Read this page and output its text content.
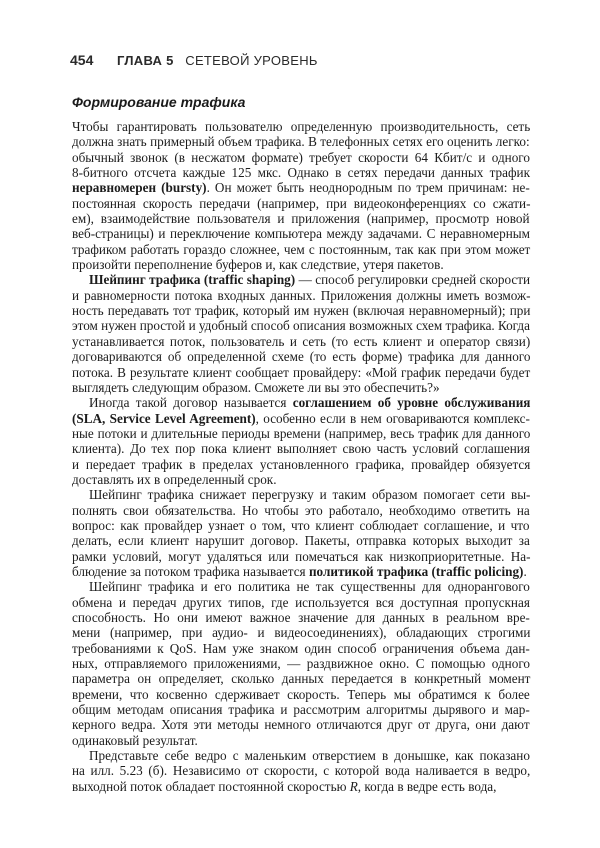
454 ГЛАВА 5 СЕТЕВОЙ УРОВЕНЬ
Формирование трафика
Чтобы гарантировать пользователю определенную производительность, сеть
должна знать примерный объем трафика. В телефонных сетях его оценить легко:
обычный звонок (в несжатом формате) требует скорости 64 Кбит/с и одного
8-битного отсчета каждые 125 мкс. Однако в сетях передачи данных трафик
неравномерен (bursty). Он может быть неоднородным по трем причинам: не-
постоянная скорость передачи (например, при видеоконференциях со сжати-
ем), взаимодействие пользователя и приложения (например, просмотр новой
веб-страницы) и переключение компьютера между задачами. С неравномерным
трафиком работать гораздо сложнее, чем с постоянным, так как при этом может
произойти переполнение буферов и, как следствие, утеря пакетов.
Шейпинг трафика (traffic shaping) — способ регулировки средней скорости
и равномерности потока входных данных. Приложения должны иметь возмож-
ность передавать тот трафик, который им нужен (включая неравномерный); при
этом нужен простой и удобный способ описания возможных схем трафика. Когда
устанавливается поток, пользователь и сеть (то есть клиент и оператор связи)
договариваются об определенной схеме (то есть форме) трафика для данного
потока. В результате клиент сообщает провайдеру: «Мой график передачи будет
выглядеть следующим образом. Сможете ли вы это обеспечить?»
Иногда такой договор называется соглашением об уровне обслуживания
(SLA, Service Level Agreement), особенно если в нем оговариваются комплекс-
ные потоки и длительные периоды времени (например, весь трафик для данного
клиента). До тех пор пока клиент выполняет свою часть условий соглашения
и передает трафик в пределах установленного графика, провайдер обязуется
доставлять их в определенный срок.
Шейпинг трафика снижает перегрузку и таким образом помогает сети вы-
полнять свои обязательства. Но чтобы это работало, необходимо ответить на
вопрос: как провайдер узнает о том, что клиент соблюдает соглашение, и что
делать, если клиент нарушит договор. Пакеты, отправка которых выходит за
рамки условий, могут удаляться или помечаться как низкоприоритетные. На-
блюдение за потоком трафика называется политикой трафика (traffic policing).
Шейпинг трафика и его политика не так существенны для однорангового
обмена и передач других типов, где используется вся доступная пропускная
способность. Но они имеют важное значение для данных в реальном вре-
мени (например, при аудио- и видеосоединениях), обладающих строгими
требованиями к QoS. Нам уже знаком один способ ограничения объема дан-
ных, отправляемого приложениями, — раздвижное окно. С помощью одного
параметра он определяет, сколько данных передается в конкретный момент
времени, что косвенно сдерживает скорость. Теперь мы обратимся к более
общим методам описания трафика и рассмотрим алгоритмы дырявого и мар-
керного ведра. Хотя эти методы немного отличаются друг от друга, они дают
одинаковый результат.
Представьте себе ведро с маленьким отверстием в донышке, как показано
на илл. 5.23 (б). Независимо от скорости, с которой вода наливается в ведро,
выходной поток обладает постоянной скоростью R, когда в ведре есть вода,
